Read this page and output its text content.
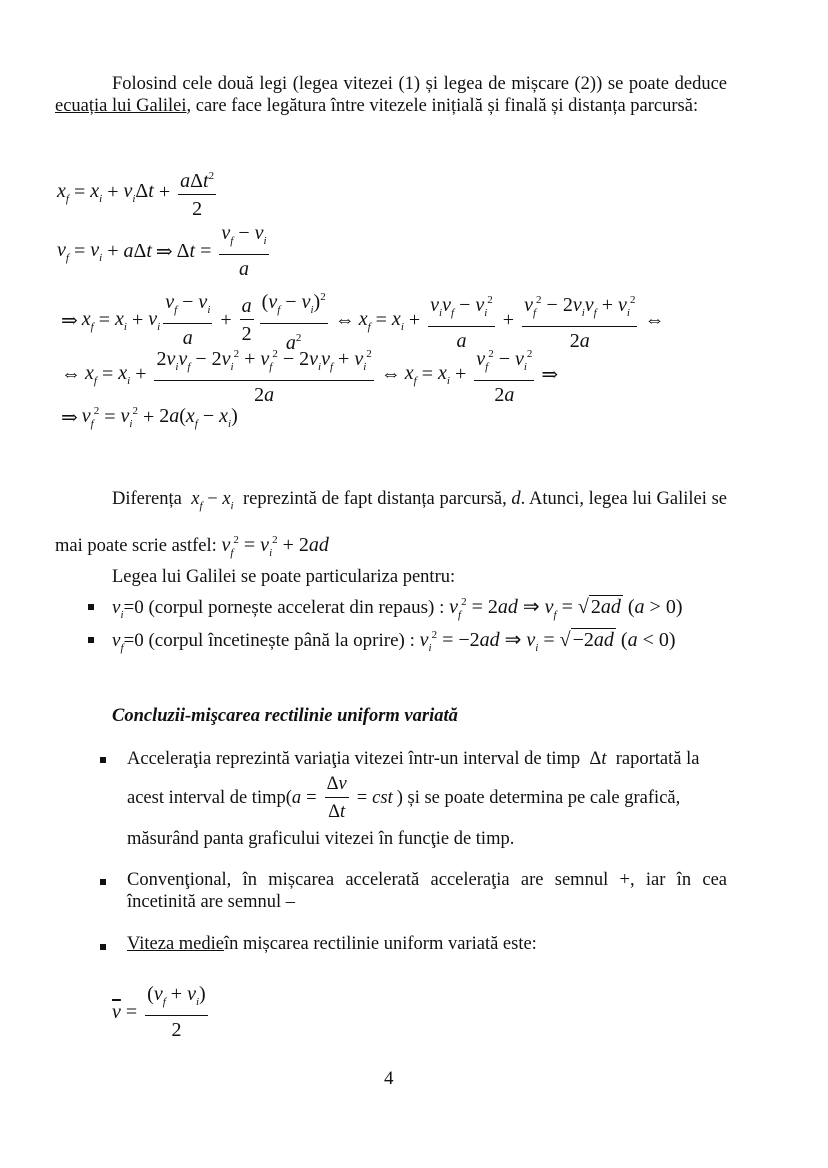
Folosind cele două legi (legea vitezei (1) și legea de mișcare (2)) se poate deduce ecuația lui Galilei, care face legătura între vitezele inițială și finală și distanța parcursă:
$x_f = x_i + v_i\Delta t + \frac{a\Delta t^2}{2}$
$v_f = v_i + a\Delta t$ ⇒ $\Delta t = \frac{v_f - v_i}{a}$
⇒ $x_f = x_i + v_i \frac{v_f - v_i}{a} + \frac{a}{2} \frac{(v_f - v_i)^2}{a^2}$ ⇔ $x_f = x_i + \frac{v_iv_f - v_i^2}{a} + \frac{v_f^2 - 2v_iv_f + v_i^2}{2a}$ ⇔
⇔ $x_f = x_i + \frac{2v_iv_f - 2v_i^2 + v_f^2 - 2v_iv_f + v_i^2}{2a}$ ⇔ $x_f = x_i + \frac{v_f^2 - v_i^2}{2a}$ ⇒
⇒ $v_f^2 = v_i^2 + 2a(x_f - x_i)$
Diferența $x_f - x_i$ reprezintă de fapt distanța parcursă, d. Atunci, legea lui Galilei se mai poate scrie astfel: $v_f^2 = v_i^2 + 2ad$
Legea lui Galilei se poate particulariza pentru:
$v_i=0$ (corpul pornește accelerat din repaus) : $v_f^2 = 2ad$ ⇒ $v_f$ = √ 2ad (a > 0)
$v_f=0$ (corpul încetinește până la oprire) : $v_i^2 = -2ad$ ⇒ $v_i$ = √ −2ad (a < 0)
Concluzii-mişcarea rectilinie uniform variată
Acceleraţia reprezintă variaţia vitezei într-un interval de timp Δt raportată la
acest interval de timp( $a = \frac{\Delta v}{\Delta t}$ = cst ) și se poate determina pe cale grafică,
măsurând panta graficului vitezei în funcţie de timp.
Convenţional, în mișcarea accelerată acceleraţia are semnul +, iar în cea încetinită are semnul –
Viteza medieîn mișcarea rectilinie uniform variată este:
$\overline{v} = \frac{(v_f + v_i)}{2}$
4
